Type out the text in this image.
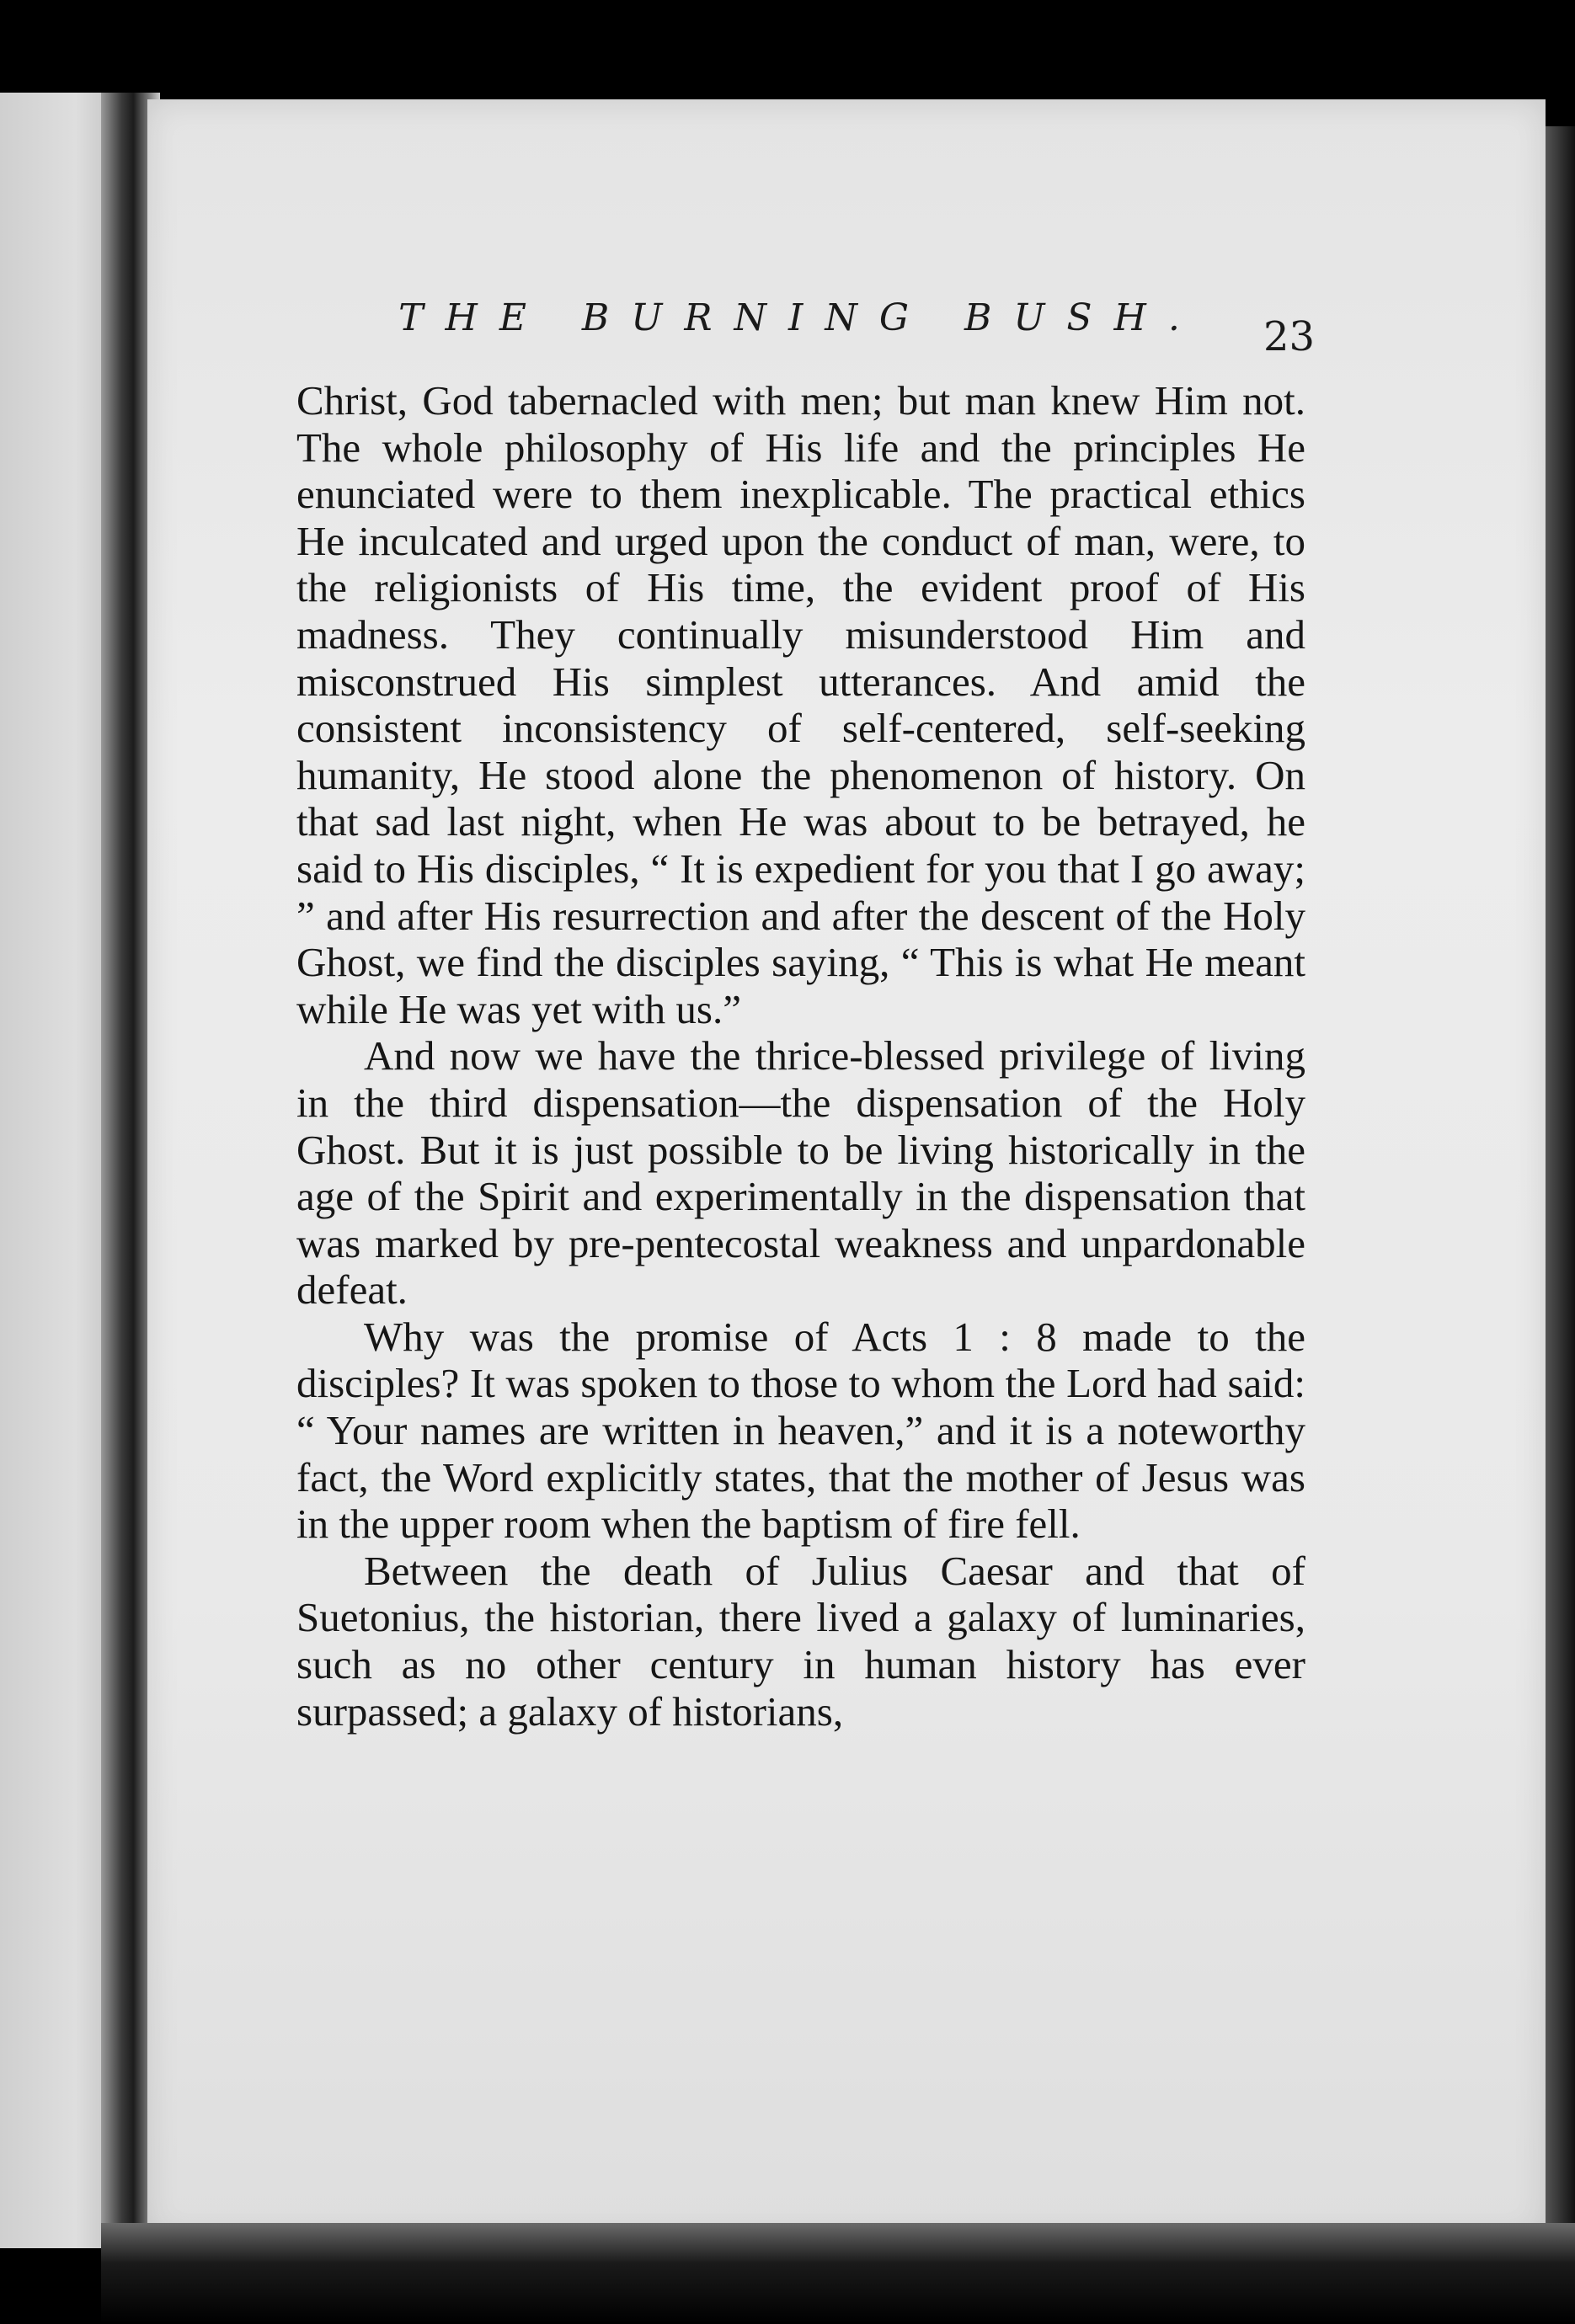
THE BURNING BUSH.	23

Christ, God tabernacled with men; but man knew Him not. The whole philosophy of His life and the principles He enunciated were to them inexplicable. The practical ethics He inculcated and urged upon the conduct of man, were, to the religionists of His time, the evident proof of His madness. They continually misunderstood Him and misconstrued His simplest utterances. And amid the consistent inconsistency of self-centered, self-seeking humanity, He stood alone the phenomenon of history. On that sad last night, when He was about to be betrayed, he said to His disciples, “ It is expedient for you that I go away; ” and after His resurrection and after the descent of the Holy Ghost, we find the disciples saying, “ This is what He meant while He was yet with us.”

And now we have the thrice-blessed privilege of living in the third dispensation—the dispensation of the Holy Ghost. But it is just possible to be living historically in the age of the Spirit and experimentally in the dispensation that was marked by pre-pentecostal weakness and unpardonable defeat.

Why was the promise of Acts 1 : 8 made to the disciples? It was spoken to those to whom the Lord had said: “ Your names are written in heaven,” and it is a noteworthy fact, the Word explicitly states, that the mother of Jesus was in the upper room when the baptism of fire fell.

Between the death of Julius Caesar and that of Suetonius, the historian, there lived a galaxy of luminaries, such as no other century in human history has ever surpassed; a galaxy of historians,
